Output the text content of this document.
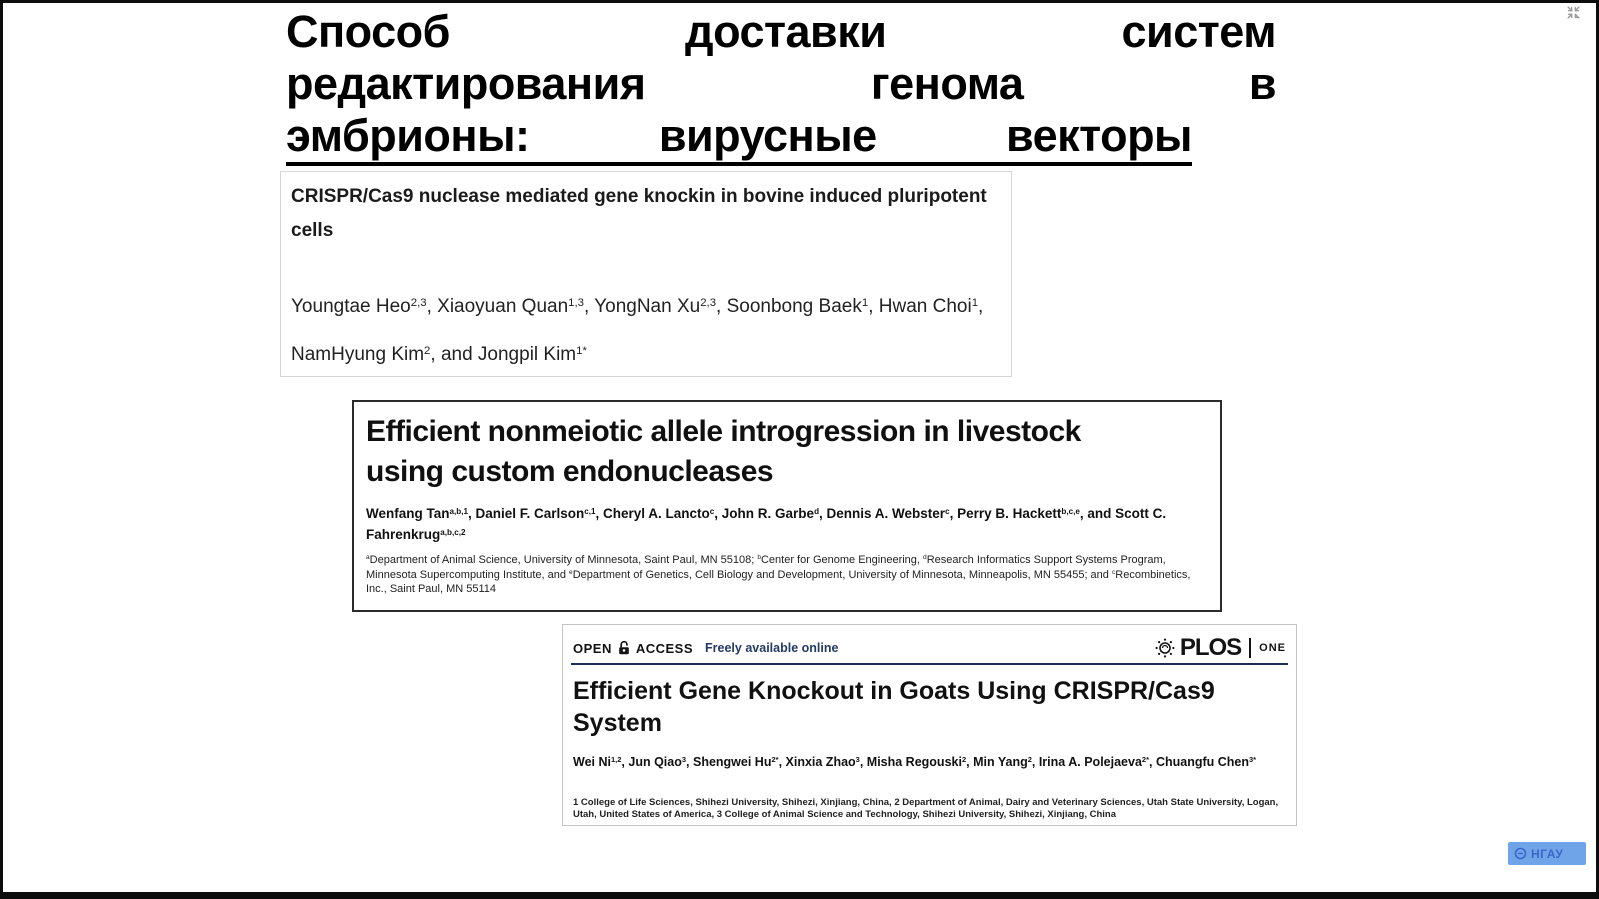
Способ доставки систем
редактирования генома в
эмбрионы: вирусные векторы
CRISPR/Cas9 nuclease mediated gene knockin in bovine induced pluripotent
cells
Youngtae Heo$^{2,3}$, Xiaoyuan Quan$^{1,3}$, YongNan Xu$^{2,3}$, Soonbong Baek$^1$, Hwan Choi$^1$, NamHyung Kim$^2$, and Jongpil Kim$^{1*}$
Efficient nonmeiotic allele introgression in livestock
using custom endonucleases
Wenfang Tan$^{a,b,1}$, Daniel F. Carlson$^{c,1}$, Cheryl A. Lancto$^c$, John R. Garbe$^d$, Dennis A. Webster$^c$, Perry B. Hackett$^{b,c,e}$, and Scott C. Fahrenkrug$^{a,b,c,2}$
$^a$Department of Animal Science, University of Minnesota, Saint Paul, MN 55108; $^b$Center for Genome Engineering, $^d$Research Informatics Support Systems Program, Minnesota Supercomputing Institute, and $^e$Department of Genetics, Cell Biology and Development, University of Minnesota, Minneapolis, MN 55455; and $^c$Recombinetics, Inc., Saint Paul, MN 55114
OPEN ACCESS Freely available online	PLOS ONE
Efficient Gene Knockout in Goats Using CRISPR/Cas9
System
Wei Ni$^{1,2}$, Jun Qiao$^3$, Shengwei $Hu^{2*}$, Xinxia Zhao$^3$, Misha Regouski$^2$, Min Yang$^2$, Irina A. Polejaeva$^{2*}$, Chuangfu Chen$^{3*}$
1 College of Life Sciences, Shihezi University, Shihezi, Xinjiang, China, 2 Department of Animal, Dairy and Veterinary Sciences, Utah State University, Logan, Utah, United States of America, 3 College of Animal Science and Technology, Shihezi University, Shihezi, Xinjiang, China
НГАУ
